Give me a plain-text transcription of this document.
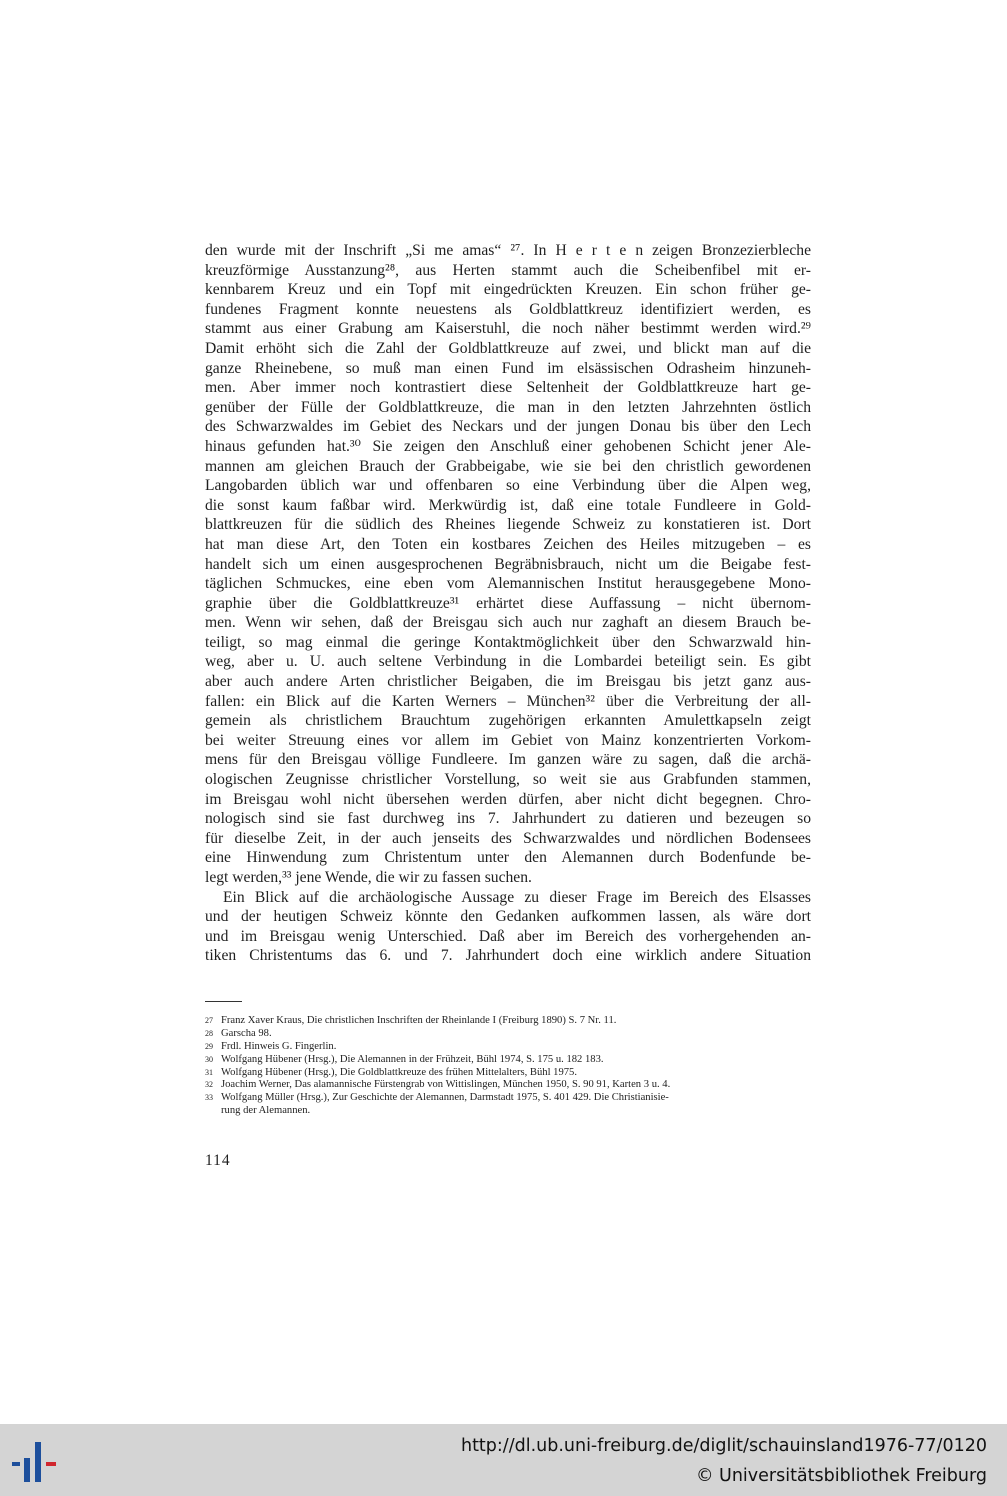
den wurde mit der Inschrift „Si me amas“ ²⁷. In H e r t e n zeigen Bronzezierbleche
kreuzförmige Ausstanzung²⁸, aus Herten stammt auch die Scheibenfibel mit er-
kennbarem Kreuz und ein Topf mit eingedrückten Kreuzen. Ein schon früher ge-
fundenes Fragment konnte neuestens als Goldblattkreuz identifiziert werden, es
stammt aus einer Grabung am Kaiserstuhl, die noch näher bestimmt werden wird.²⁹
Damit erhöht sich die Zahl der Goldblattkreuze auf zwei, und blickt man auf die
ganze Rheinebene, so muß man einen Fund im elsässischen Odrasheim hinzuneh-
men. Aber immer noch kontrastiert diese Seltenheit der Goldblattkreuze hart ge-
genüber der Fülle der Goldblattkreuze, die man in den letzten Jahrzehnten östlich
des Schwarzwaldes im Gebiet des Neckars und der jungen Donau bis über den Lech
hinaus gefunden hat.³⁰ Sie zeigen den Anschluß einer gehobenen Schicht jener Ale-
mannen am gleichen Brauch der Grabbeigabe, wie sie bei den christlich gewordenen
Langobarden üblich war und offenbaren so eine Verbindung über die Alpen weg,
die sonst kaum faßbar wird. Merkwürdig ist, daß eine totale Fundleere in Gold-
blattkreuzen für die südlich des Rheines liegende Schweiz zu konstatieren ist. Dort
hat man diese Art, den Toten ein kostbares Zeichen des Heiles mitzugeben – es
handelt sich um einen ausgesprochenen Begräbnisbrauch, nicht um die Beigabe fest-
täglichen Schmuckes, eine eben vom Alemannischen Institut herausgegebene Mono-
graphie über die Goldblattkreuze³¹ erhärtet diese Auffassung – nicht übernom-
men. Wenn wir sehen, daß der Breisgau sich auch nur zaghaft an diesem Brauch be-
teiligt, so mag einmal die geringe Kontaktmöglichkeit über den Schwarzwald hin-
weg, aber u. U. auch seltene Verbindung in die Lombardei beteiligt sein. Es gibt
aber auch andere Arten christlicher Beigaben, die im Breisgau bis jetzt ganz aus-
fallen: ein Blick auf die Karten Werners – München³² über die Verbreitung der all-
gemein als christlichem Brauchtum zugehörigen erkannten Amulettkapseln zeigt
bei weiter Streuung eines vor allem im Gebiet von Mainz konzentrierten Vorkom-
mens für den Breisgau völlige Fundleere. Im ganzen wäre zu sagen, daß die archä-
ologischen Zeugnisse christlicher Vorstellung, so weit sie aus Grabfunden stammen,
im Breisgau wohl nicht übersehen werden dürfen, aber nicht dicht begegnen. Chro-
nologisch sind sie fast durchweg ins 7. Jahrhundert zu datieren und bezeugen so
für dieselbe Zeit, in der auch jenseits des Schwarzwaldes und nördlichen Bodensees
eine Hinwendung zum Christentum unter den Alemannen durch Bodenfunde be-
legt werden,³³ jene Wende, die wir zu fassen suchen.
Ein Blick auf die archäologische Aussage zu dieser Frage im Bereich des Elsasses
und der heutigen Schweiz könnte den Gedanken aufkommen lassen, als wäre dort
und im Breisgau wenig Unterschied. Daß aber im Bereich des vorhergehenden an-
tiken Christentums das 6. und 7. Jahrhundert doch eine wirklich andere Situation
27 Franz Xaver Kraus, Die christlichen Inschriften der Rheinlande I (Freiburg 1890) S. 7 Nr. 11.
28 Garscha 98.
29 Frdl. Hinweis G. Fingerlin.
30 Wolfgang Hübener (Hrsg.), Die Alemannen in der Frühzeit, Bühl 1974, S. 175 u. 182 183.
31 Wolfgang Hübener (Hrsg.), Die Goldblattkreuze des frühen Mittelalters, Bühl 1975.
32 Joachim Werner, Das alamannische Fürstengrab von Wittislingen, München 1950, S. 90 91, Karten 3 u. 4.
33 Wolfgang Müller (Hrsg.), Zur Geschichte der Alemannen, Darmstadt 1975, S. 401 429. Die Christianisie-
rung der Alemannen.
114
http://dl.ub.uni-freiburg.de/diglit/schauinsland1976-77/0120
© Universitätsbibliothek Freiburg
